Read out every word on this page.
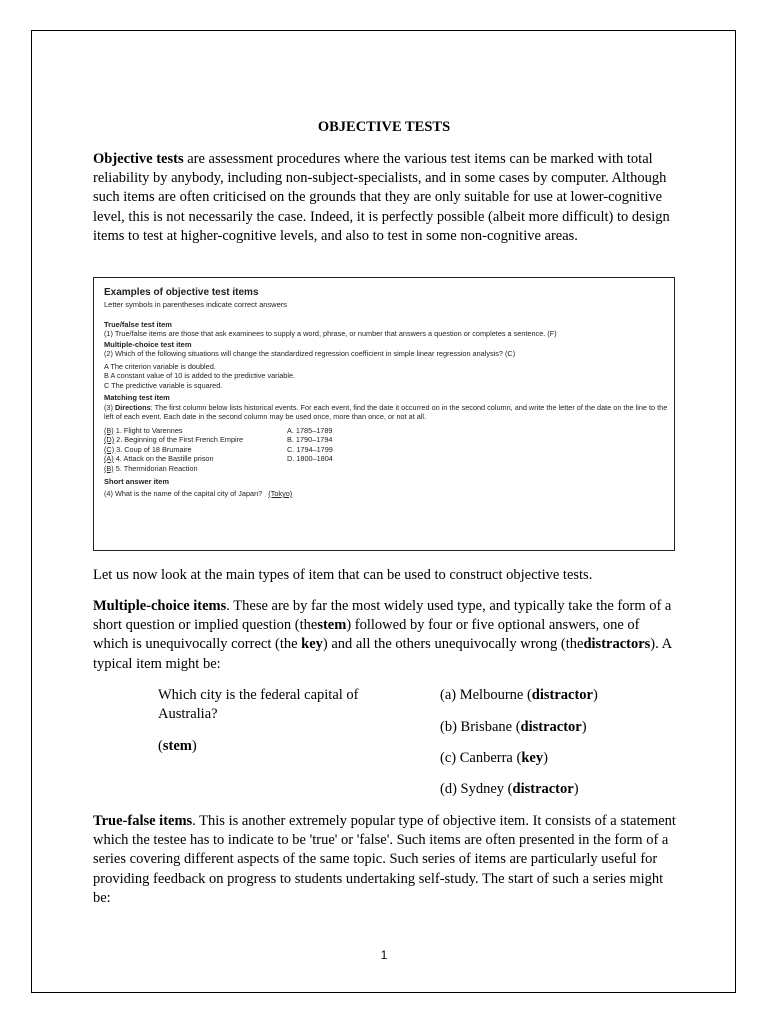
OBJECTIVE TESTS
Objective tests are assessment procedures where the various test items can be marked with total reliability by anybody, including non-subject-specialists, and in some cases by computer. Although such items are often criticised on the grounds that they are only suitable for use at lower-cognitive level, this is not necessarily the case. Indeed, it is perfectly possible (albeit more difficult) to design items to test at higher-cognitive levels, and also to test in some non-cognitive areas.
Examples of objective test items
Letter symbols in parentheses indicate correct answers
True/false test item
(1) True/false items are those that ask examinees to supply a word, phrase, or number that answers a question or completes a sentence. (F)
Multiple-choice test item
(2) Which of the following situations will change the standardized regression coefficient in simple linear regression analysis? (C)
A The criterion variable is doubled.
B A constant value of 10 is added to the predictive variable.
C The predictive variable is squared.
Matching test item
(3) Directions: The first column below lists historical events. For each event, find the date it occurred on in the second column, and write the letter of the date on the line to the left of each event. Each date in the second column may be used once, more than once, or not at all.
(B) 1. Flight to Varennes
(D) 2. Beginning of the First French Empire
(C) 3. Coup of 18 Brumaire
(A) 4. Attack on the Bastille prison
(B) 5. Thermidorian Reaction
A. 1785–1789
B. 1790–1794
C. 1794–1799
D. 1800–1804
Short answer item
(4) What is the name of the capital city of Japan? (Tokyo)
Let us now look at the main types of item that can be used to construct objective tests.
Multiple-choice items. These are by far the most widely used type, and typically take the form of a short question or implied question (thestem) followed by four or five optional answers, one of which is unequivocally correct (the key) and all the others unequivocally wrong (thedistractors). A typical item might be:
Which city is the federal capital of Australia?
(stem)
(a) Melbourne (distractor)
(b) Brisbane (distractor)
(c) Canberra (key)
(d) Sydney (distractor)
True-false items. This is another extremely popular type of objective item. It consists of a statement which the testee has to indicate to be 'true' or 'false'. Such items are often presented in the form of a series covering different aspects of the same topic. Such series of items are particularly useful for providing feedback on progress to students undertaking self-study. The start of such a series might be:
1
